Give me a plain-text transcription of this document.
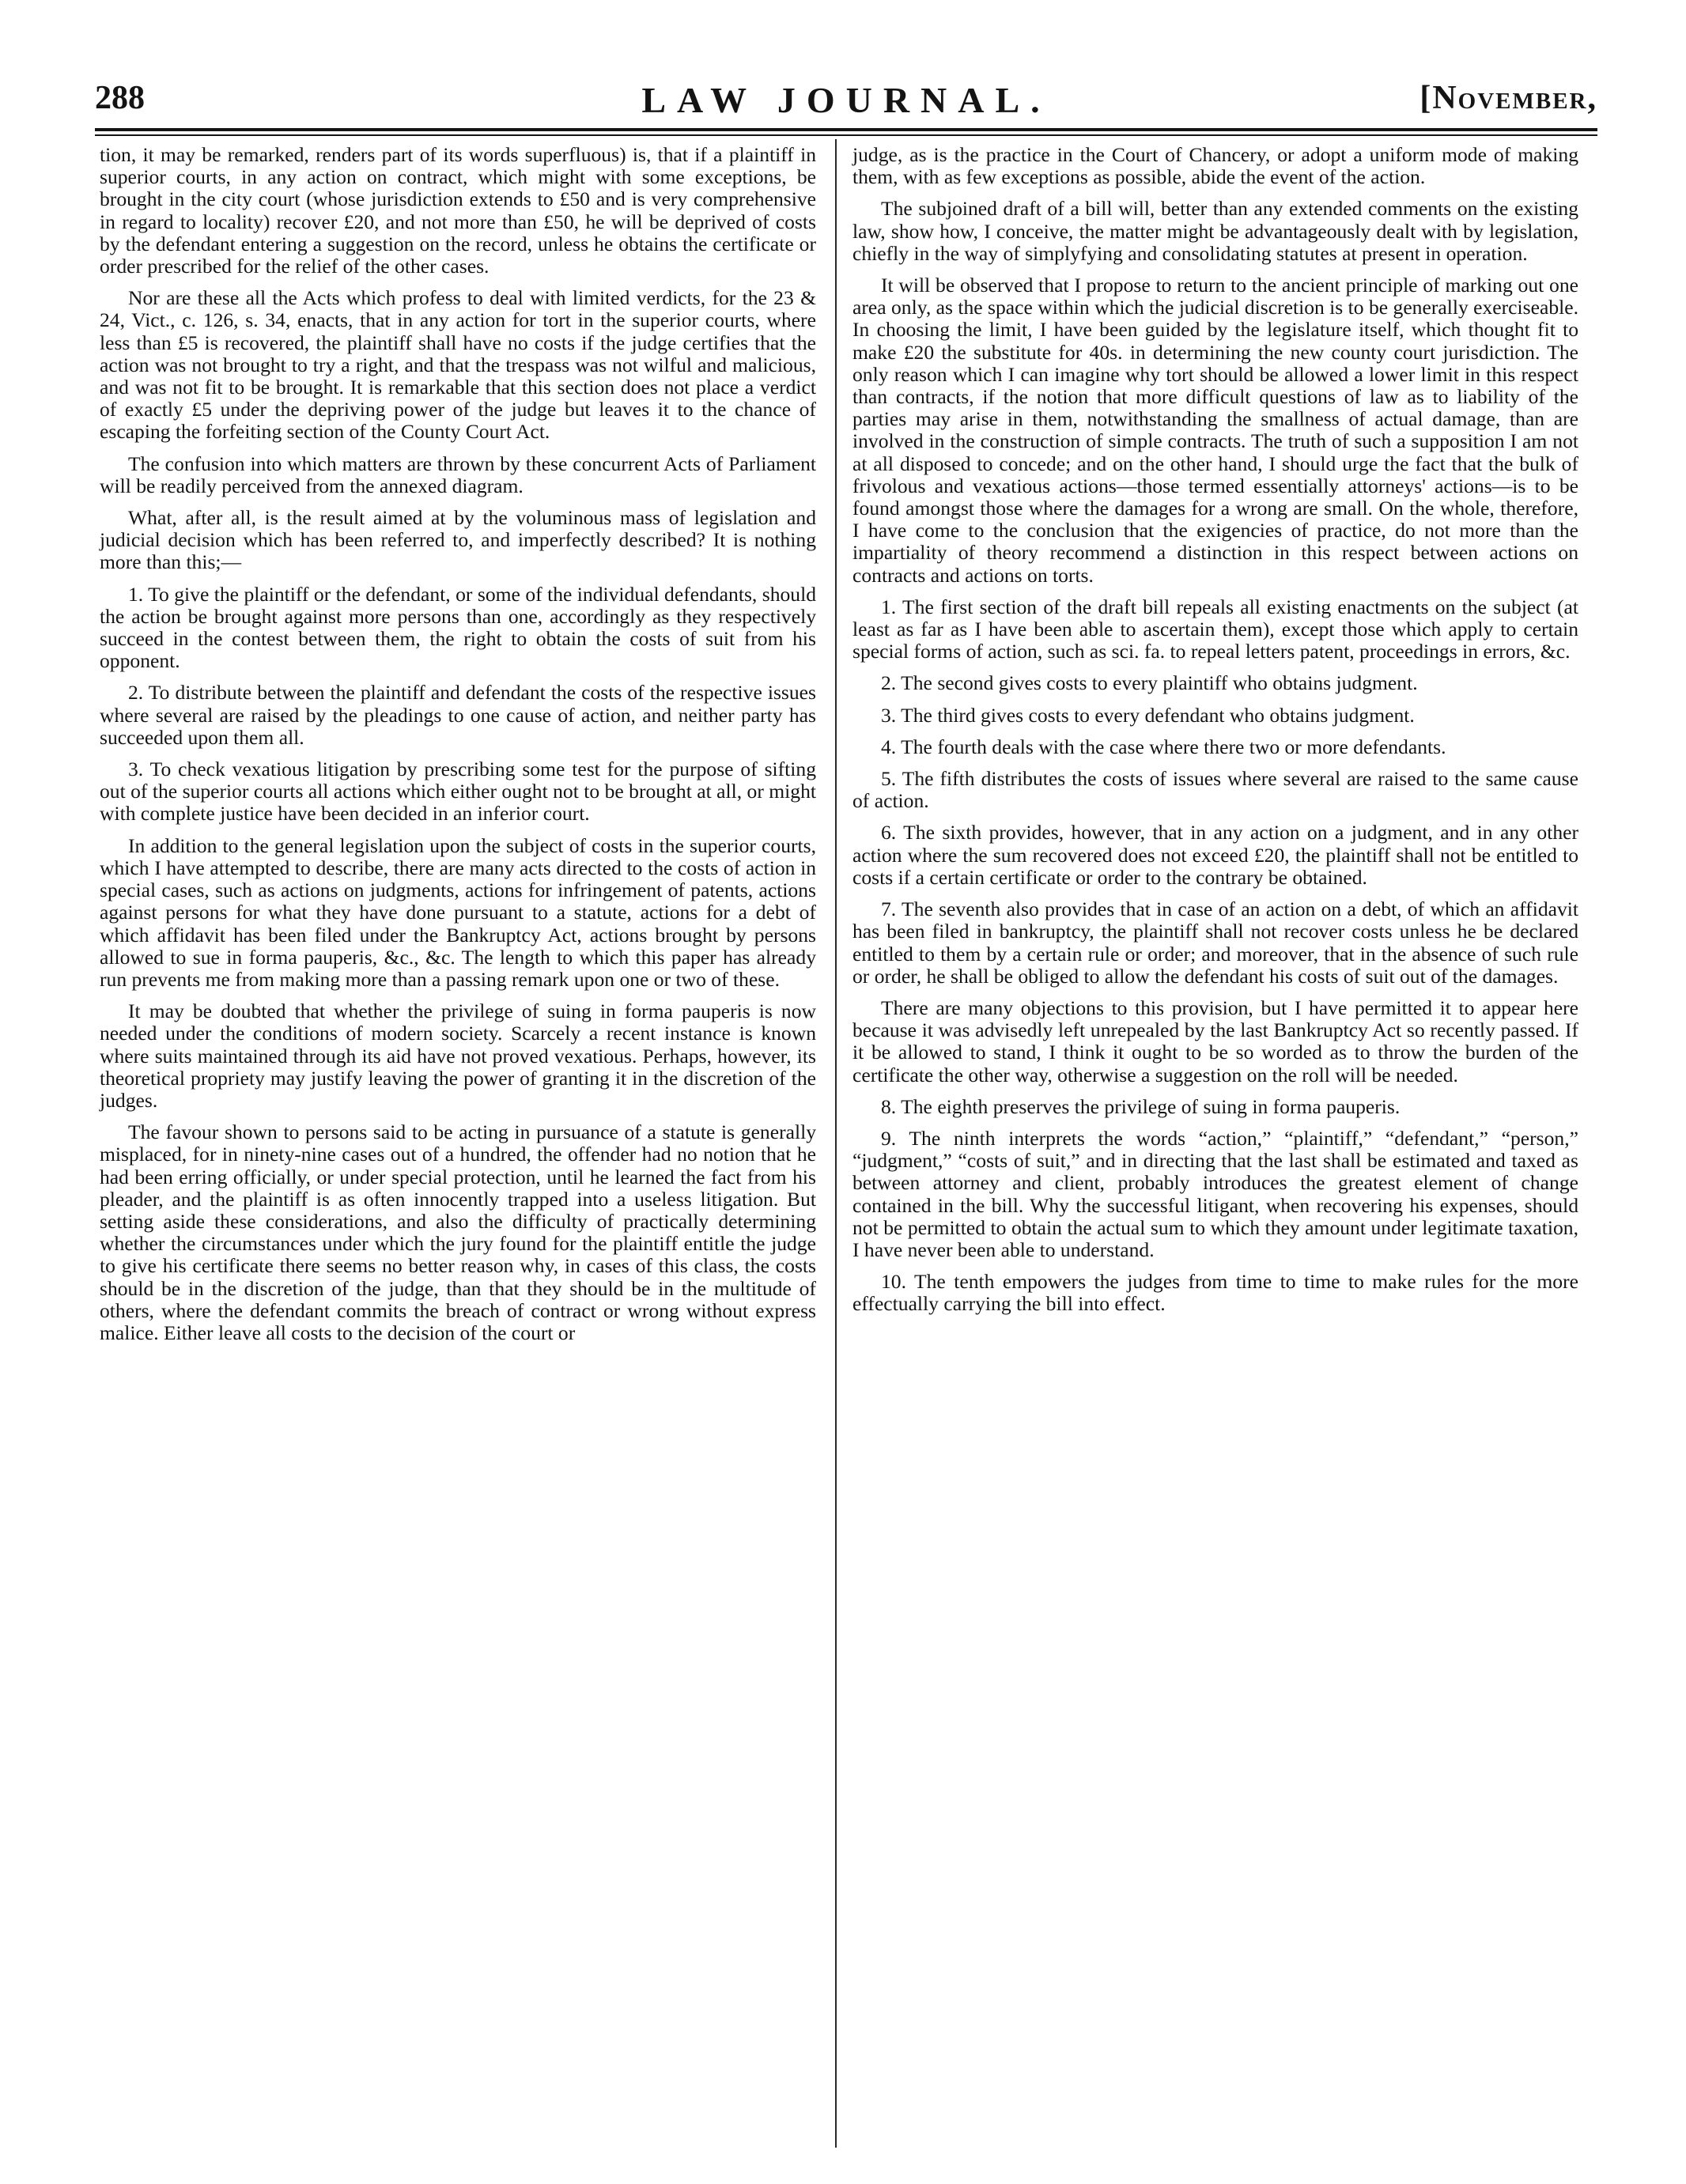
288	LAW JOURNAL.	[November,

tion, it may be remarked, renders part of its words superfluous) is, that if a plaintiff in superior courts, in any action on contract, which might with some exceptions, be brought in the city court (whose jurisdiction extends to £50 and is very comprehensive in regard to locality) recover £20, and not more than £50, he will be deprived of costs by the defendant entering a suggestion on the record, unless he obtains the certificate or order prescribed for the relief of the other cases.

Nor are these all the Acts which profess to deal with limited verdicts, for the 23 & 24, Vict., c. 126, s. 34, enacts, that in any action for tort in the superior courts, where less than £5 is recovered, the plaintiff shall have no costs if the judge certifies that the action was not brought to try a right, and that the trespass was not wilful and malicious, and was not fit to be brought. It is remarkable that this section does not place a verdict of exactly £5 under the depriving power of the judge but leaves it to the chance of escaping the forfeiting section of the County Court Act.

The confusion into which matters are thrown by these concurrent Acts of Parliament will be readily perceived from the annexed diagram.

What, after all, is the result aimed at by the voluminous mass of legislation and judicial decision which has been referred to, and imperfectly described? It is nothing more than this;—

1. To give the plaintiff or the defendant, or some of the individual defendants, should the action be brought against more persons than one, accordingly as they respectively succeed in the contest between them, the right to obtain the costs of suit from his opponent.

2. To distribute between the plaintiff and defendant the costs of the respective issues where several are raised by the pleadings to one cause of action, and neither party has succeeded upon them all.

3. To check vexatious litigation by prescribing some test for the purpose of sifting out of the superior courts all actions which either ought not to be brought at all, or might with complete justice have been decided in an inferior court.

In addition to the general legislation upon the subject of costs in the superior courts, which I have attempted to describe, there are many acts directed to the costs of action in special cases, such as actions on judgments, actions for infringement of patents, actions against persons for what they have done pursuant to a statute, actions for a debt of which affidavit has been filed under the Bankruptcy Act, actions brought by persons allowed to sue in forma pauperis, &c., &c. The length to which this paper has already run prevents me from making more than a passing remark upon one or two of these.

It may be doubted that whether the privilege of suing in forma pauperis is now needed under the conditions of modern society. Scarcely a recent instance is known where suits maintained through its aid have not proved vexatious. Perhaps, however, its theoretical propriety may justify leaving the power of granting it in the discretion of the judges.

The favour shown to persons said to be acting in pursuance of a statute is generally misplaced, for in ninety-nine cases out of a hundred, the offender had no notion that he had been erring officially, or under special protection, until he learned the fact from his pleader, and the plaintiff is as often innocently trapped into a useless litigation. But setting aside these considerations, and also the difficulty of practically determining whether the circumstances under which the jury found for the plaintiff entitle the judge to give his certificate there seems no better reason why, in cases of this class, the costs should be in the discretion of the judge, than that they should be in the multitude of others, where the defendant commits the breach of contract or wrong without express malice. Either leave all costs to the decision of the court or

judge, as is the practice in the Court of Chancery, or adopt a uniform mode of making them, with as few exceptions as possible, abide the event of the action.

The subjoined draft of a bill will, better than any extended comments on the existing law, show how, I conceive, the matter might be advantageously dealt with by legislation, chiefly in the way of simplyfying and consolidating statutes at present in operation.

It will be observed that I propose to return to the ancient principle of marking out one area only, as the space within which the judicial discretion is to be generally exerciseable. In choosing the limit, I have been guided by the legislature itself, which thought fit to make £20 the substitute for 40s. in determining the new county court jurisdiction. The only reason which I can imagine why tort should be allowed a lower limit in this respect than contracts, if the notion that more difficult questions of law as to liability of the parties may arise in them, notwithstanding the smallness of actual damage, than are involved in the construction of simple contracts. The truth of such a supposition I am not at all disposed to concede; and on the other hand, I should urge the fact that the bulk of frivolous and vexatious actions—those termed essentially attorneys' actions—is to be found amongst those where the damages for a wrong are small. On the whole, therefore, I have come to the conclusion that the exigencies of practice, do not more than the impartiality of theory recommend a distinction in this respect between actions on contracts and actions on torts.

1. The first section of the draft bill repeals all existing enactments on the subject (at least as far as I have been able to ascertain them), except those which apply to certain special forms of action, such as sci. fa. to repeal letters patent, proceedings in errors, &c.

2. The second gives costs to every plaintiff who obtains judgment.

3. The third gives costs to every defendant who obtains judgment.

4. The fourth deals with the case where there two or more defendants.

5. The fifth distributes the costs of issues where several are raised to the same cause of action.

6. The sixth provides, however, that in any action on a judgment, and in any other action where the sum recovered does not exceed £20, the plaintiff shall not be entitled to costs if a certain certificate or order to the contrary be obtained.

7. The seventh also provides that in case of an action on a debt, of which an affidavit has been filed in bankruptcy, the plaintiff shall not recover costs unless he be declared entitled to them by a certain rule or order; and moreover, that in the absence of such rule or order, he shall be obliged to allow the defendant his costs of suit out of the damages.

There are many objections to this provision, but I have permitted it to appear here because it was advisedly left unrepealed by the last Bankruptcy Act so recently passed. If it be allowed to stand, I think it ought to be so worded as to throw the burden of the certificate the other way, otherwise a suggestion on the roll will be needed.

8. The eighth preserves the privilege of suing in forma pauperis.

9. The ninth interprets the words “action,” “plaintiff,” “defendant,” “person,” “judgment,” “costs of suit,” and in directing that the last shall be estimated and taxed as between attorney and client, probably introduces the greatest element of change contained in the bill. Why the successful litigant, when recovering his expenses, should not be permitted to obtain the actual sum to which they amount under legitimate taxation, I have never been able to understand.

10. The tenth empowers the judges from time to time to make rules for the more effectually carrying the bill into effect.
